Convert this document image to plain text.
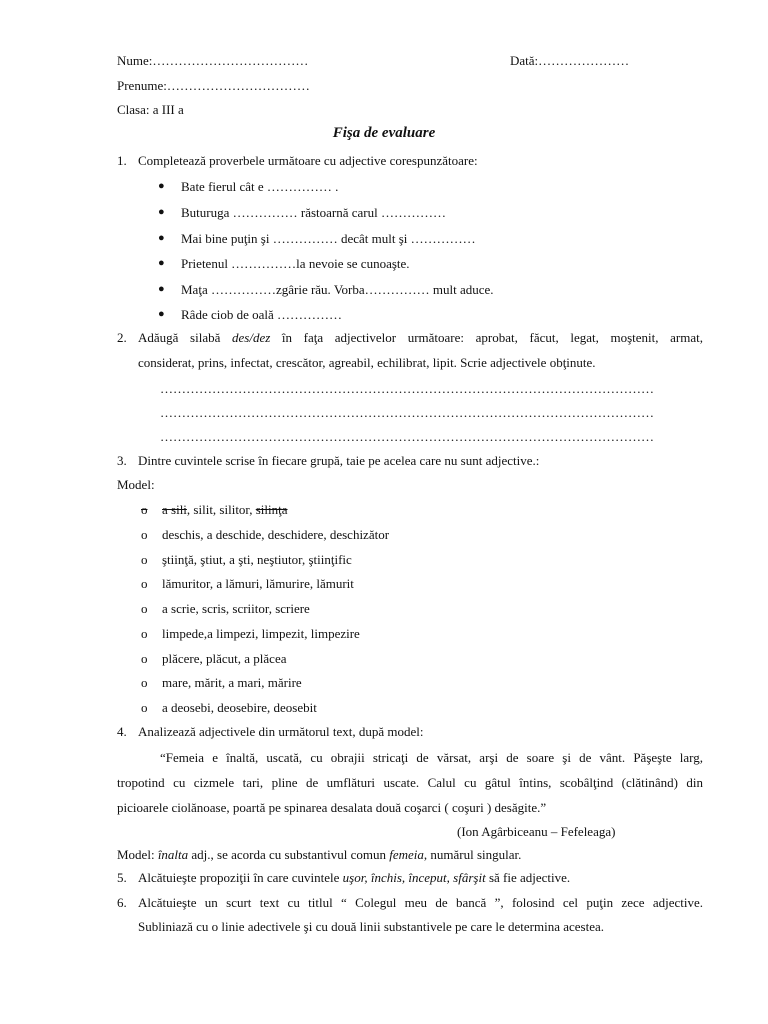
Nume:………………………………	Dată:…………………
Prenume:……………………………
Clasa: a III a
Fişa de evaluare
1. Completează proverbele următoare cu adjective corespunzătoare:
● Bate fierul cât e …………… .
● Buturuga …………… răstoarnă carul ……………
● Mai bine puţin şi …………… decât mult şi ……………
● Prietenul ……………la nevoie se cunoaşte.
● Maţa ……………zgârie rău. Vorba…………… mult aduce.
● Râde ciob de oală ……………
2. Adăugă silabă des/dez în faţa adjectivelor următoare: aprobat, făcut, legat, moştenit, armat,
considerat, prins, infectat, crescător, agreabil, echilibrat, lipit. Scrie adjectivele obţinute.
……………………………………………………………………………………………………
……………………………………………………………………………………………………
……………………………………………………………………………………………………
3. Dintre cuvintele scrise în fiecare grupă, taie pe acelea care nu sunt adjective.:
Model:
o a sili, silit, silitor, silinţa
o deschis, a deschide, deschidere, deschizător
o ştiinţă, ştiut, a şti, neştiutor, ştiinţific
o lămuritor, a lămuri, lămurire, lămurit
o a scrie, scris, scriitor, scriere
o limpede,a limpezi, limpezit, limpezire
o plăcere, plăcut, a plăcea
o mare, mărit, a mari, mărire
o a deosebi, deosebire, deosebit
4. Analizează adjectivele din următorul text, după model:
“Femeia e înaltă, uscată, cu obrajii stricaţi de vărsat, arşi de soare şi de vânt. Păşeşte larg,
tropotind cu cizmele tari, pline de umflături uscate. Calul cu gâtul întins, scobâlţind (clătinând) din
picioarele ciolănoase, poartă pe spinarea desalata două coşarci ( coşuri ) desăgite.”
(Ion Agârbiceanu – Fefeleaga)
Model: înalta adj., se acorda cu substantivul comun femeia, numărul singular.
5. Alcătuieşte propoziţii în care cuvintele uşor, închis, început, sfârşit să fie adjective.
6. Alcătuieşte un scurt text cu titlul “ Colegul meu de bancă ”, folosind cel puţin zece adjective.
Subliniază cu o linie adectivele şi cu două linii substantivele pe care le determina acestea.
